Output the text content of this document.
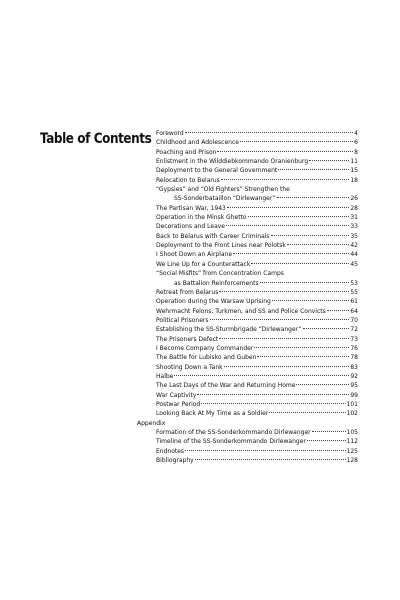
Table of Contents Foreword	4
Childhood and Adolescence	6
Poaching and Prison	8
Enlistment in the Wilddiebkommando Oranienburg	11
Deployment to the General Government	15
Relocation to Belarus	18
“Gypsies” and “Old Fighters” Strengthen the
SS-Sonderbataillon “Dirlewanger”	26
The Partisan War, 1943	28
Operation in the Minsk Ghetto	31
Decorations and Leave	33
Back to Belarus with Career Criminals	35
Deployment to the Front Lines near Polotsk	42
I Shoot Down an Airplane	44
We Line Up for a Counterattack	45
“Social Misfits” from Concentration Camps
as Battalion Reinforcements	53
Retreat from Belarus	55
Operation during the Warsaw Uprising	61
Wehrmacht Felons, Turkmen, and SS and Police Convicts	64
Political Prisoners	70
Establishing the SS-Sturmbrigade “Dirlewanger”	72
The Prisoners Defect	73
I Become Company Commander	76
The Battle for Lubisko and Guben	78
Shooting Down a Tank	83
Halbe	92
The Last Days of the War and Returning Home	95
War Captivity	99
Postwar Period	101
Looking Back At My Time as a Soldier	102
Appendix
Formation of the SS-Sonderkommando Dirlewanger	105
Timeline of the SS-Sonderkommando Dirlewanger	112
Endnotes	125
Bibliography	128
